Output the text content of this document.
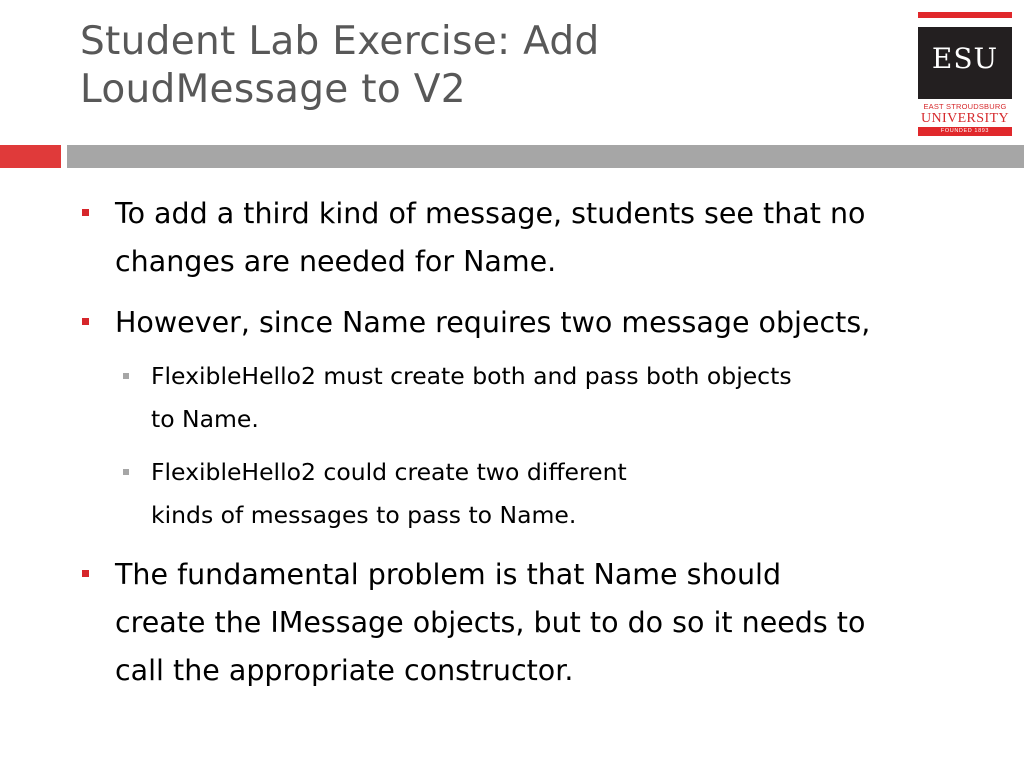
Student Lab Exercise: Add
LoudMessage to V2
ESU
EAST STROUDSBURG
UNIVERSITY
FOUNDED 1893
To add a third kind of message, students see that no
changes are needed for Name.
However, since Name requires two message objects,
FlexibleHello2 must create both and pass both objects
to Name.
FlexibleHello2 could create two different
kinds of messages to pass to Name.
The fundamental problem is that Name should
create the IMessage objects, but to do so it needs to
call the appropriate constructor.
